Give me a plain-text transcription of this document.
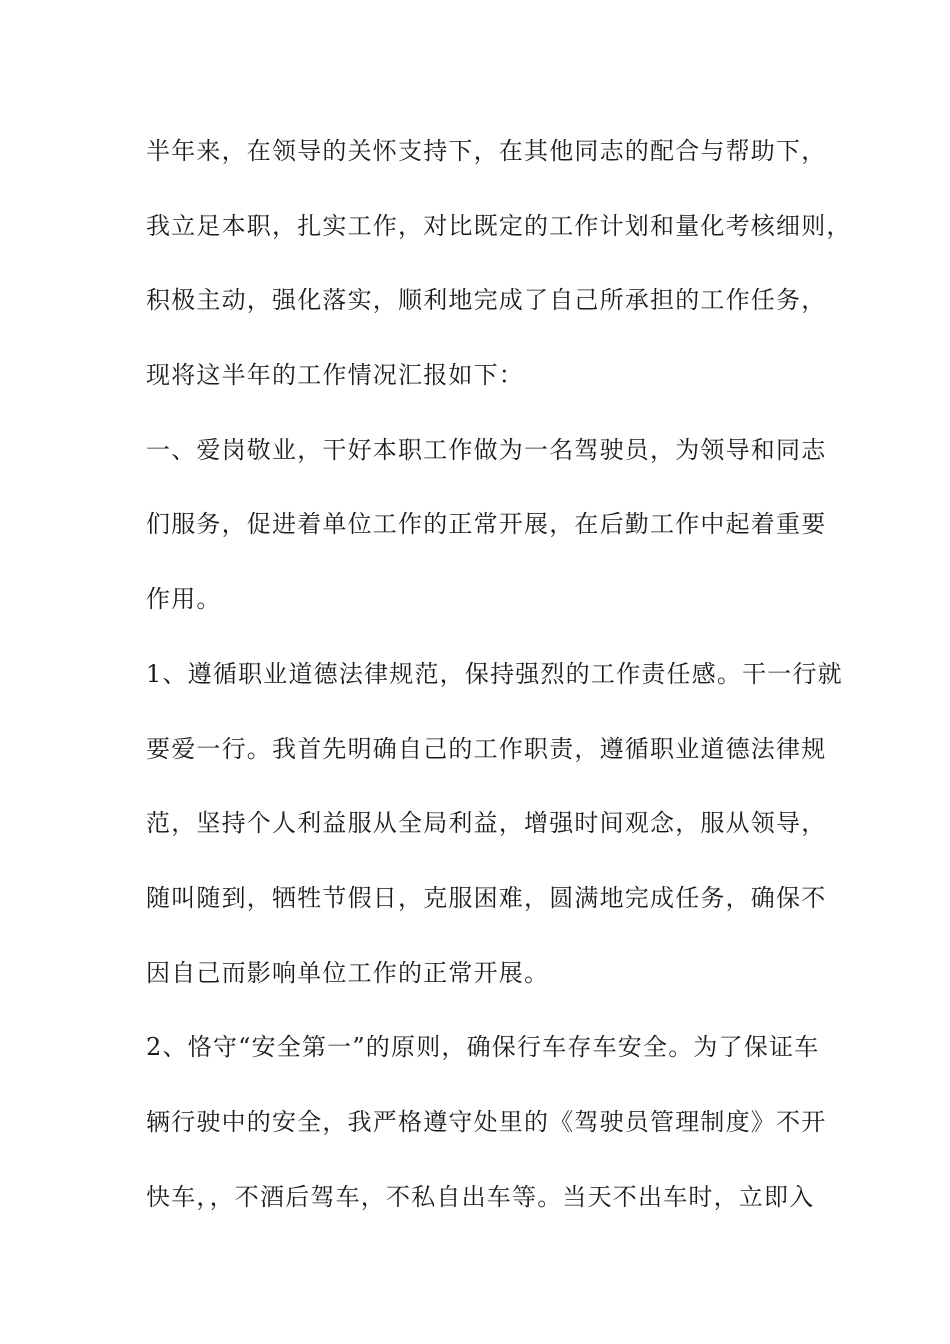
半年来，在领导的关怀支持下，在其他同志的配合与帮助下，
我立足本职，扎实工作，对比既定的工作计划和量化考核细则，
积极主动，强化落实，顺利地完成了自己所承担的工作任务，
现将这半年的工作情况汇报如下：
一、爱岗敬业，干好本职工作做为一名驾驶员，为领导和同志
们服务，促进着单位工作的正常开展，在后勤工作中起着重要
作用。
1、遵循职业道德法律规范，保持强烈的工作责任感。干一行就
要爱一行。我首先明确自己的工作职责，遵循职业道德法律规
范，坚持个人利益服从全局利益，增强时间观念，服从领导，
随叫随到，牺牲节假日，克服困难，圆满地完成任务，确保不
因自己而影响单位工作的正常开展。
2、恪守“安全第一”的原则，确保行车存车安全。为了保证车
辆行驶中的安全，我严格遵守处里的《驾驶员管理制度》不开
快车，，不酒后驾车，不私自出车等。当天不出车时，立即入
